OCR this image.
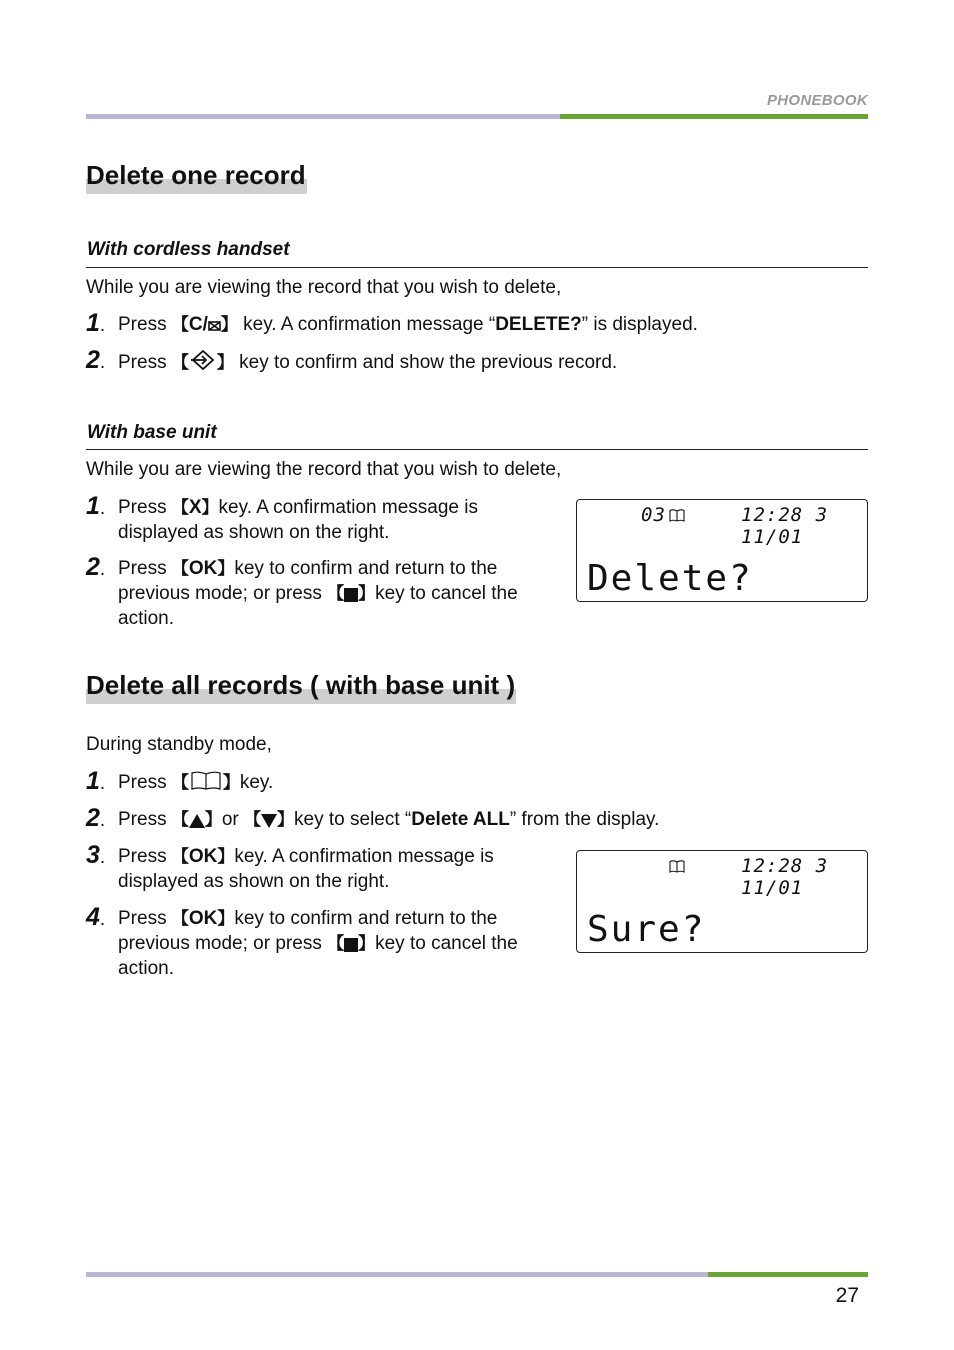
PHONEBOOK
Delete one record
With cordless handset
While you are viewing the record that you wish to delete,
1. Press 【C/ 】 key. A confirmation message “DELETE?” is displayed.
2. Press 【 】 key to confirm and show the previous record.
With base unit
While you are viewing the record that you wish to delete,
1. Press 【X】key. A confirmation message is
displayed as shown on the right.
2. Press 【OK】key to confirm and return to the
previous mode; or press 【 】key to cancel the
action.
03	12:28 3 11/01
Delete?
Delete all records ( with base unit )
During standby mode,
1. Press 【 】key.
2. Press 【 】or 【 】key to select “Delete ALL” from the display.
3. Press 【OK】key. A confirmation message is
displayed as shown on the right.
4. Press 【OK】key to confirm and return to the
previous mode; or press 【 】key to cancel the
action.
12:28 3 11/01
Sure?
27
